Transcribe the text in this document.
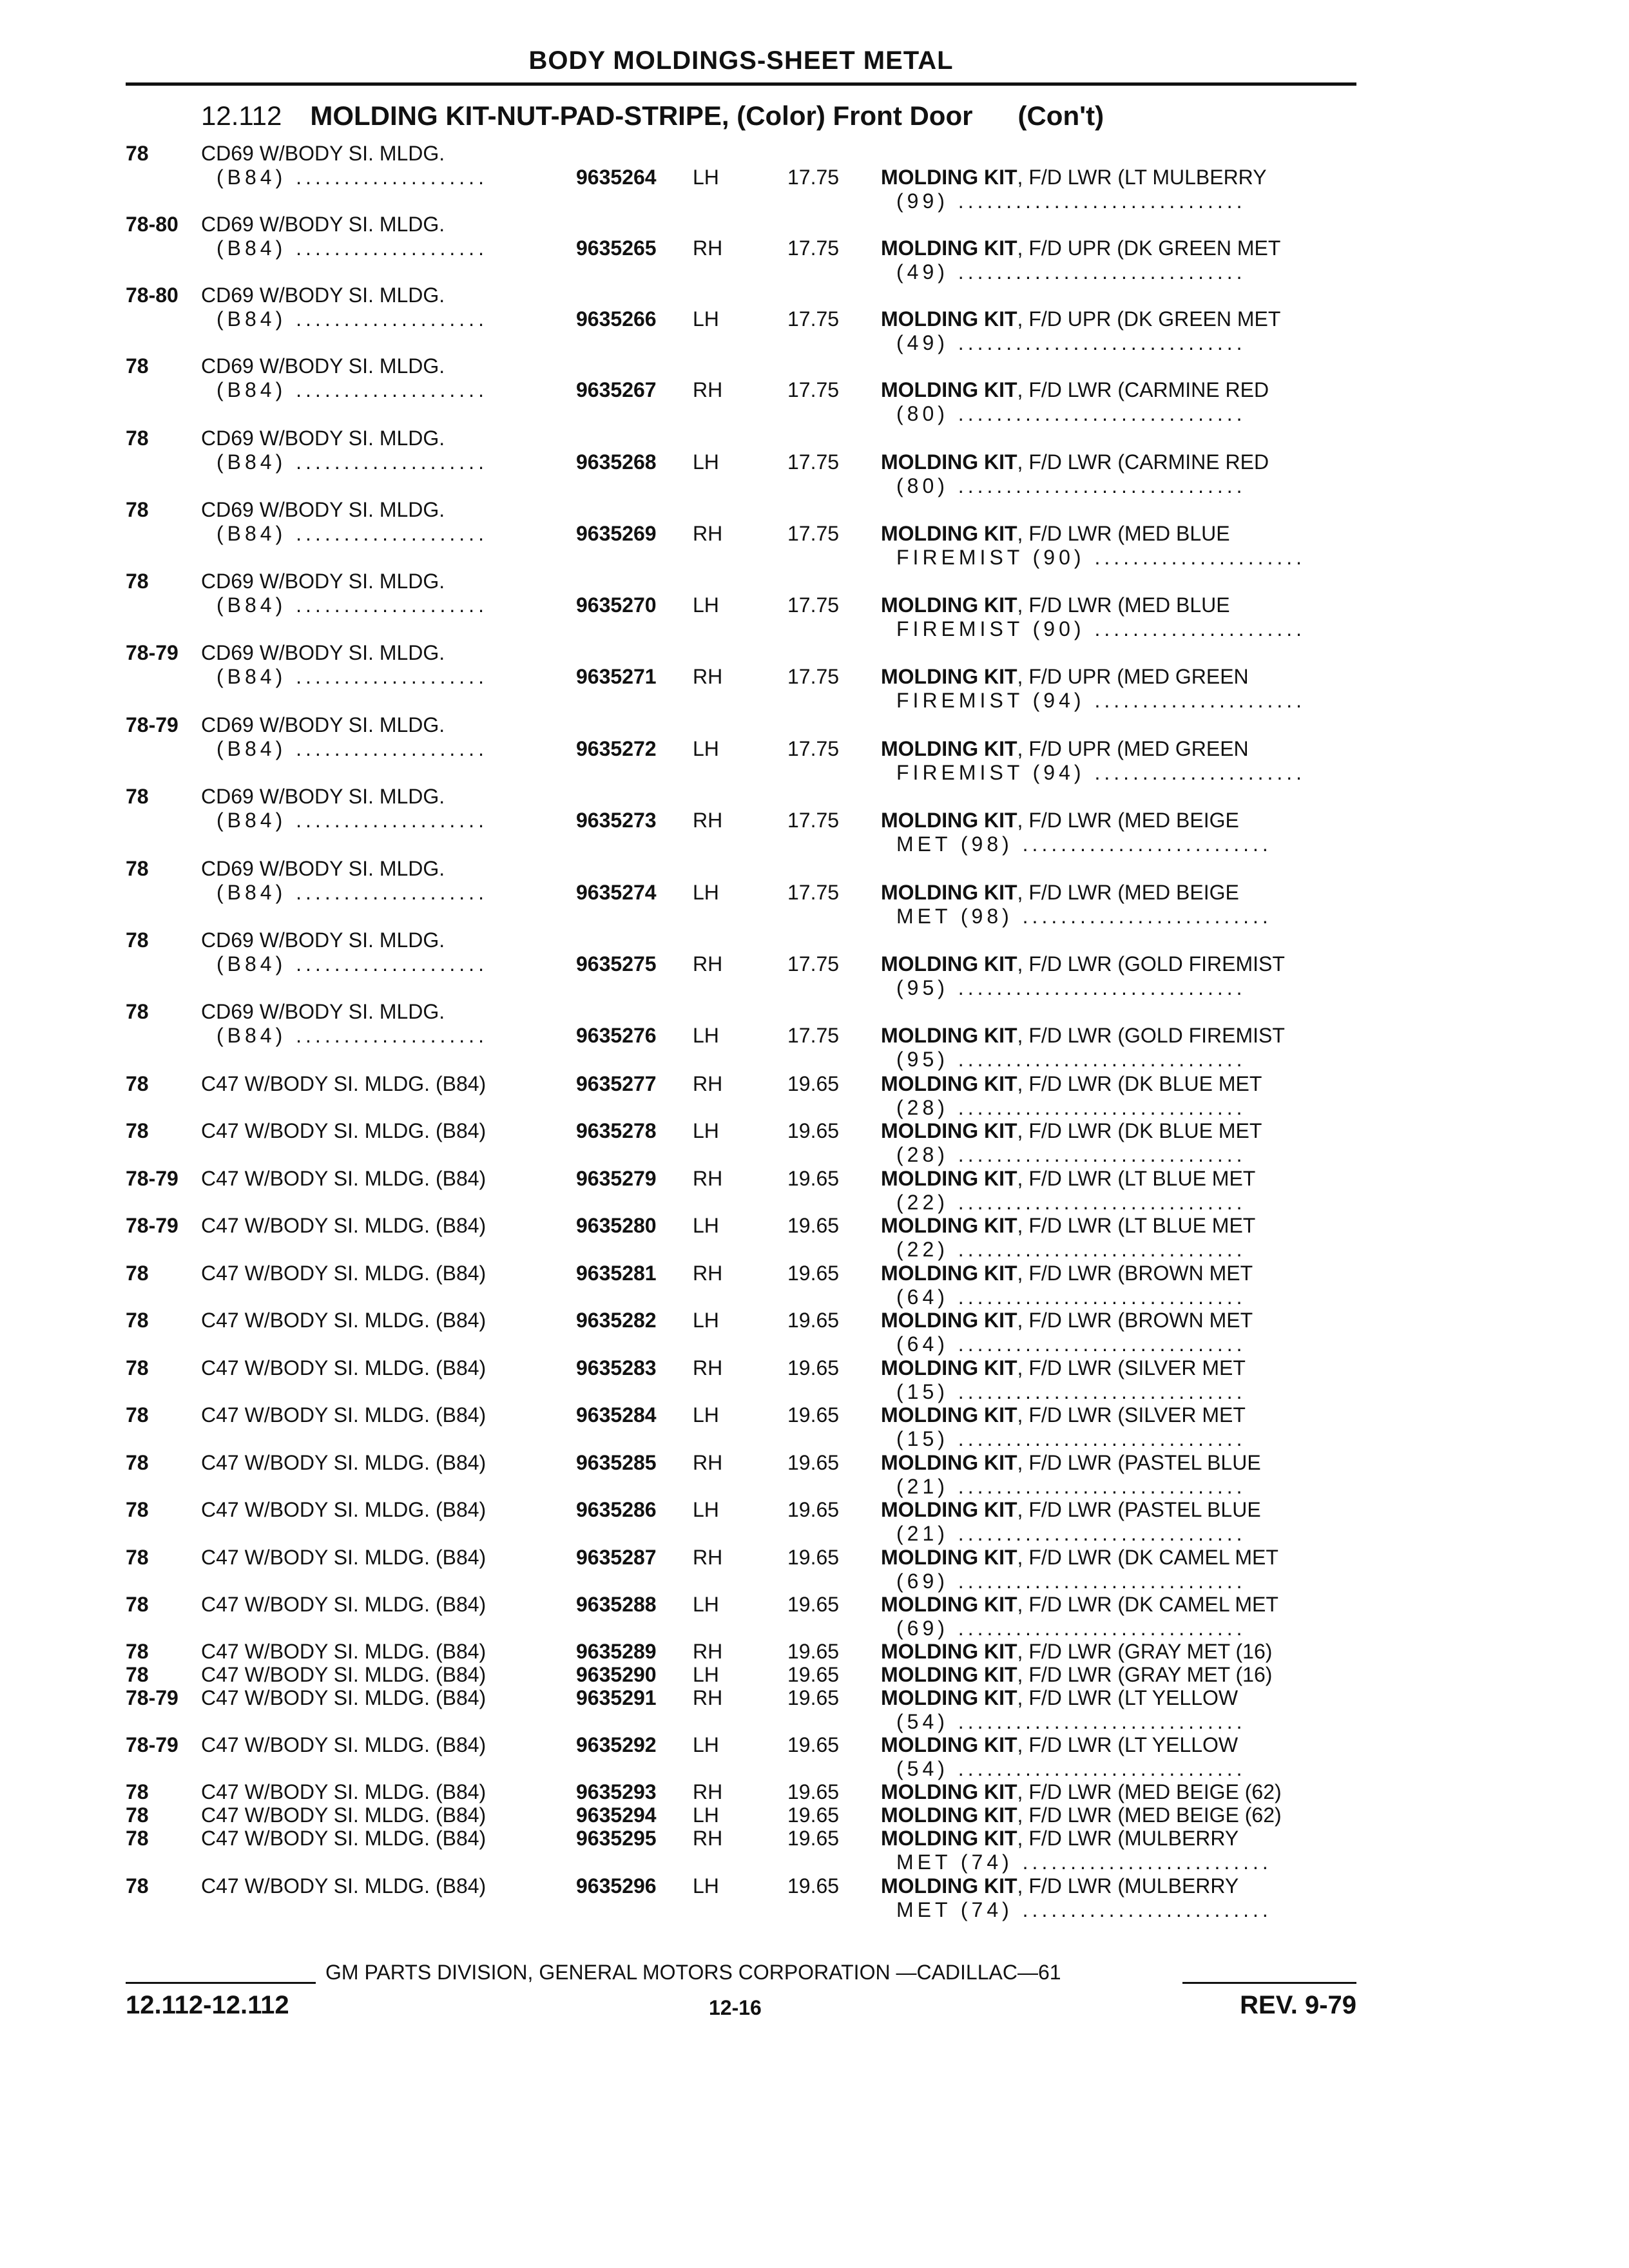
BODY MOLDINGS-SHEET METAL
12.112 MOLDING KIT-NUT-PAD-STRIPE, (Color) Front Door (Con't)
78	CD69 W/BODY SI. MLDG.
(B84) ....................	9635264 LH	17.75 MOLDING KIT, F/D LWR (LT MULBERRY
(99) ..............................
78-80 CD69 W/BODY SI. MLDG.
(B84) ....................	9635265 RH	17.75 MOLDING KIT, F/D UPR (DK GREEN MET
(49) ..............................
78-80 CD69 W/BODY SI. MLDG.
(B84) ....................	9635266 LH	17.75 MOLDING KIT, F/D UPR (DK GREEN MET
(49) ..............................
78	CD69 W/BODY SI. MLDG.
(B84) ....................	9635267 RH	17.75 MOLDING KIT, F/D LWR (CARMINE RED
(80) ..............................
78	CD69 W/BODY SI. MLDG.
(B84) ....................	9635268 LH	17.75 MOLDING KIT, F/D LWR (CARMINE RED
(80) ..............................
78	CD69 W/BODY SI. MLDG.
(B84) ....................	9635269 RH	17.75 MOLDING KIT, F/D LWR (MED BLUE
FIREMIST (90) ......................
78	CD69 W/BODY SI. MLDG.
(B84) ....................	9635270 LH	17.75 MOLDING KIT, F/D LWR (MED BLUE
FIREMIST (90) ......................
78-79 CD69 W/BODY SI. MLDG.
(B84) ....................	9635271 RH	17.75 MOLDING KIT, F/D UPR (MED GREEN
FIREMIST (94) ......................
78-79 CD69 W/BODY SI. MLDG.
(B84) ....................	9635272 LH	17.75 MOLDING KIT, F/D UPR (MED GREEN
FIREMIST (94) ......................
78	CD69 W/BODY SI. MLDG.
(B84) ....................	9635273 RH	17.75 MOLDING KIT, F/D LWR (MED BEIGE
MET (98) ..........................
78	CD69 W/BODY SI. MLDG.
(B84) ....................	9635274 LH	17.75 MOLDING KIT, F/D LWR (MED BEIGE
MET (98) ..........................
78	CD69 W/BODY SI. MLDG.
(B84) ....................	9635275 RH	17.75 MOLDING KIT, F/D LWR (GOLD FIREMIST
(95) ..............................
78	CD69 W/BODY SI. MLDG.
(B84) ....................	9635276 LH	17.75 MOLDING KIT, F/D LWR (GOLD FIREMIST
(95) ..............................
78	C47 W/BODY SI. MLDG. (B84)	9635277 RH	19.65 MOLDING KIT, F/D LWR (DK BLUE MET
(28) ..............................
78	C47 W/BODY SI. MLDG. (B84)	9635278 LH	19.65 MOLDING KIT, F/D LWR (DK BLUE MET
(28) ..............................
78-79 C47 W/BODY SI. MLDG. (B84)	9635279 RH	19.65 MOLDING KIT, F/D LWR (LT BLUE MET
(22) ..............................
78-79 C47 W/BODY SI. MLDG. (B84)	9635280 LH	19.65 MOLDING KIT, F/D LWR (LT BLUE MET
(22) ..............................
78	C47 W/BODY SI. MLDG. (B84)	9635281 RH	19.65 MOLDING KIT, F/D LWR (BROWN MET
(64) ..............................
78	C47 W/BODY SI. MLDG. (B84)	9635282 LH	19.65 MOLDING KIT, F/D LWR (BROWN MET
(64) ..............................
78	C47 W/BODY SI. MLDG. (B84)	9635283 RH	19.65 MOLDING KIT, F/D LWR (SILVER MET
(15) ..............................
78	C47 W/BODY SI. MLDG. (B84)	9635284 LH	19.65 MOLDING KIT, F/D LWR (SILVER MET
(15) ..............................
78	C47 W/BODY SI. MLDG. (B84)	9635285 RH	19.65 MOLDING KIT, F/D LWR (PASTEL BLUE
(21) ..............................
78	C47 W/BODY SI. MLDG. (B84)	9635286 LH	19.65 MOLDING KIT, F/D LWR (PASTEL BLUE
(21) ..............................
78	C47 W/BODY SI. MLDG. (B84)	9635287 RH	19.65 MOLDING KIT, F/D LWR (DK CAMEL MET
(69) ..............................
78	C47 W/BODY SI. MLDG. (B84)	9635288 LH	19.65 MOLDING KIT, F/D LWR (DK CAMEL MET
(69) ..............................
78	C47 W/BODY SI. MLDG. (B84)	9635289 RH	19.65 MOLDING KIT, F/D LWR (GRAY MET (16)
78	C47 W/BODY SI. MLDG. (B84)	9635290 LH	19.65 MOLDING KIT, F/D LWR (GRAY MET (16)
78-79 C47 W/BODY SI. MLDG. (B84)	9635291 RH	19.65 MOLDING KIT, F/D LWR (LT YELLOW
(54) ..............................
78-79 C47 W/BODY SI. MLDG. (B84)	9635292 LH	19.65 MOLDING KIT, F/D LWR (LT YELLOW
(54) ..............................
78	C47 W/BODY SI. MLDG. (B84)	9635293 RH	19.65 MOLDING KIT, F/D LWR (MED BEIGE (62)
78	C47 W/BODY SI. MLDG. (B84)	9635294 LH	19.65 MOLDING KIT, F/D LWR (MED BEIGE (62)
78	C47 W/BODY SI. MLDG. (B84)	9635295 RH	19.65 MOLDING KIT, F/D LWR (MULBERRY
MET (74) ..........................
78	C47 W/BODY SI. MLDG. (B84)	9635296 LH	19.65 MOLDING KIT, F/D LWR (MULBERRY
MET (74) ..........................
GM PARTS DIVISION, GENERAL MOTORS CORPORATION —CADILLAC—61
12.112-12.112	12-16	REV. 9-79
